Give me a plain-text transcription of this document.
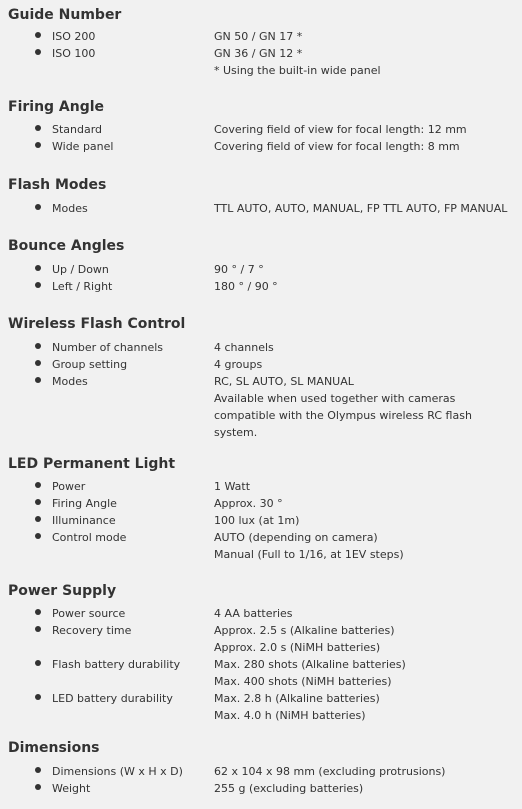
Guide Number
ISO 200	GN 50 / GN 17 *
ISO 100	GN 36 / GN 12 *
* Using the built-in wide panel
Firing Angle
Standard	Covering field of view for focal length: 12 mm
Wide panel	Covering field of view for focal length: 8 mm
Flash Modes
Modes	TTL AUTO, AUTO, MANUAL, FP TTL AUTO, FP MANUAL
Bounce Angles
Up / Down	90 ° / 7 °
Left / Right	180 ° / 90 °
Wireless Flash Control
Number of channels	4 channels
Group setting	4 groups
Modes	RC, SL AUTO, SL MANUAL
Available when used together with cameras
compatible with the Olympus wireless RC flash
system.
LED Permanent Light
Power	1 Watt
Firing Angle	Approx. 30 °
Illuminance	100 lux (at 1m)
Control mode	AUTO (depending on camera)
Manual (Full to 1/16, at 1EV steps)
Power Supply
Power source	4 AA batteries
Recovery time	Approx. 2.5 s (Alkaline batteries)
Approx. 2.0 s (NiMH batteries)
Flash battery durability	Max. 280 shots (Alkaline batteries)
Max. 400 shots (NiMH batteries)
LED battery durability	Max. 2.8 h (Alkaline batteries)
Max. 4.0 h (NiMH batteries)
Dimensions
Dimensions (W x H x D)	62 x 104 x 98 mm (excluding protrusions)
Weight	255 g (excluding batteries)
